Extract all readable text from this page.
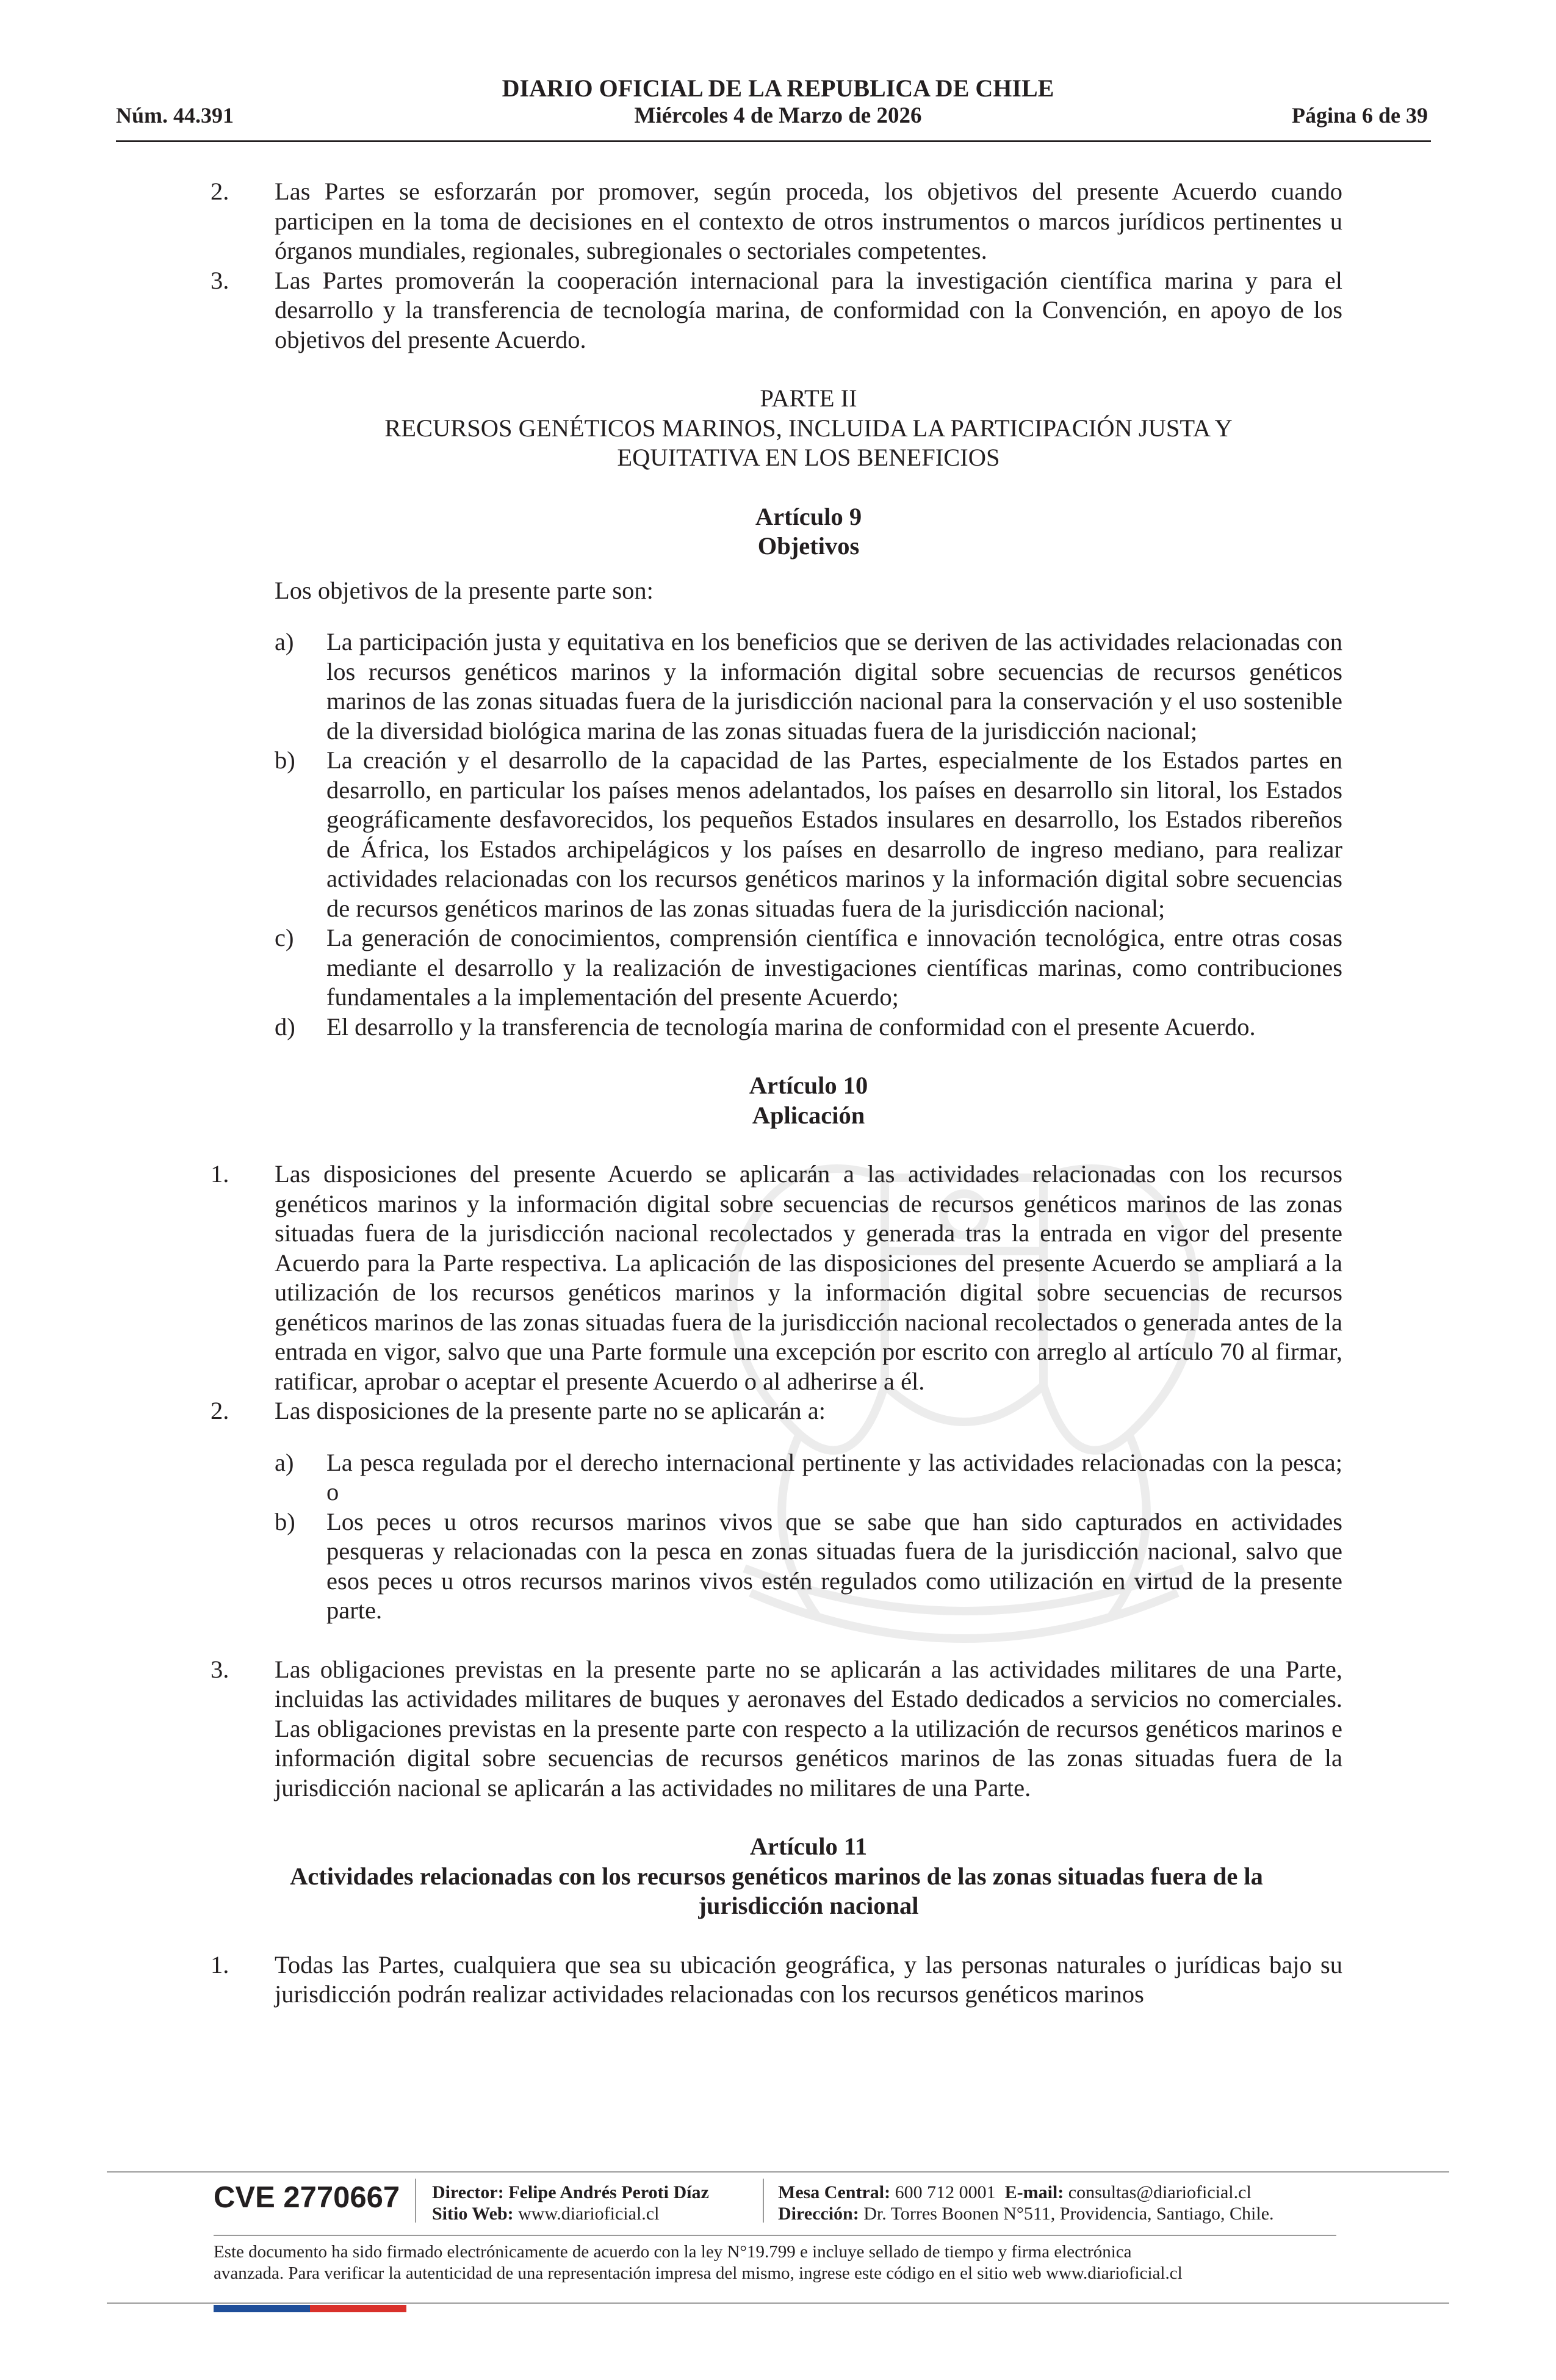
Núm. 44.391
DIARIO OFICIAL DE LA REPUBLICA DE CHILE
Miércoles 4 de Marzo de 2026	Página 6 de 39
2.	Las Partes se esforzarán por promover, según proceda, los objetivos del presente Acuerdo cuando participen en la toma de decisiones en el contexto de otros instrumentos o marcos jurídicos pertinentes u órganos mundiales, regionales, subregionales o sectoriales competentes.
3.	Las Partes promoverán la cooperación internacional para la investigación científica marina y para el desarrollo y la transferencia de tecnología marina, de conformidad con la Convención, en apoyo de los objetivos del presente Acuerdo.
PARTE II
RECURSOS GENÉTICOS MARINOS, INCLUIDA LA PARTICIPACIÓN JUSTA Y
EQUITATIVA EN LOS BENEFICIOS
Artículo 9
Objetivos
Los objetivos de la presente parte son:
a)	La participación justa y equitativa en los beneficios que se deriven de las actividades relacionadas con los recursos genéticos marinos y la información digital sobre secuencias de recursos genéticos marinos de las zonas situadas fuera de la jurisdicción nacional para la conservación y el uso sostenible de la diversidad biológica marina de las zonas situadas fuera de la jurisdicción nacional;
b)	La creación y el desarrollo de la capacidad de las Partes, especialmente de los Estados partes en desarrollo, en particular los países menos adelantados, los países en desarrollo sin litoral, los Estados geográficamente desfavorecidos, los pequeños Estados insulares en desarrollo, los Estados ribereños de África, los Estados archipelágicos y los países en desarrollo de ingreso mediano, para realizar actividades relacionadas con los recursos genéticos marinos y la información digital sobre secuencias de recursos genéticos marinos de las zonas situadas fuera de la jurisdicción nacional;
c)	La generación de conocimientos, comprensión científica e innovación tecnológica, entre otras cosas mediante el desarrollo y la realización de investigaciones científicas marinas, como contribuciones fundamentales a la implementación del presente Acuerdo;
d)	El desarrollo y la transferencia de tecnología marina de conformidad con el presente Acuerdo.
Artículo 10
Aplicación
1.	Las disposiciones del presente Acuerdo se aplicarán a las actividades relacionadas con los recursos genéticos marinos y la información digital sobre secuencias de recursos genéticos marinos de las zonas situadas fuera de la jurisdicción nacional recolectados y generada tras la entrada en vigor del presente Acuerdo para la Parte respectiva. La aplicación de las disposiciones del presente Acuerdo se ampliará a la utilización de los recursos genéticos marinos y la información digital sobre secuencias de recursos genéticos marinos de las zonas situadas fuera de la jurisdicción nacional recolectados o generada antes de la entrada en vigor, salvo que una Parte formule una excepción por escrito con arreglo al artículo 70 al firmar, ratificar, aprobar o aceptar el presente Acuerdo o al adherirse a él.
2.	Las disposiciones de la presente parte no se aplicarán a:
a)	La pesca regulada por el derecho internacional pertinente y las actividades relacionadas con la pesca; o
b)	Los peces u otros recursos marinos vivos que se sabe que han sido capturados en actividades pesqueras y relacionadas con la pesca en zonas situadas fuera de la jurisdicción nacional, salvo que esos peces u otros recursos marinos vivos estén regulados como utilización en virtud de la presente parte.
3.	Las obligaciones previstas en la presente parte no se aplicarán a las actividades militares de una Parte, incluidas las actividades militares de buques y aeronaves del Estado dedicados a servicios no comerciales. Las obligaciones previstas en la presente parte con respecto a la utilización de recursos genéticos marinos e información digital sobre secuencias de recursos genéticos marinos de las zonas situadas fuera de la jurisdicción nacional se aplicarán a las actividades no militares de una Parte.
Artículo 11
Actividades relacionadas con los recursos genéticos marinos de las zonas situadas fuera de la
jurisdicción nacional
1.	Todas las Partes, cualquiera que sea su ubicación geográfica, y las personas naturales o jurídicas bajo su jurisdicción podrán realizar actividades relacionadas con los recursos genéticos marinos
CVE 2770667 Director: Felipe Andrés Peroti Díaz
Sitio Web: www.diarioficial.cl
Mesa Central: 600 712 0001 E-mail: consultas@diarioficial.cl
Dirección: Dr. Torres Boonen N°511, Providencia, Santiago, Chile.
Este documento ha sido firmado electrónicamente de acuerdo con la ley N°19.799 e incluye sellado de tiempo y firma electrónica
avanzada. Para verificar la autenticidad de una representación impresa del mismo, ingrese este código en el sitio web www.diarioficial.cl
